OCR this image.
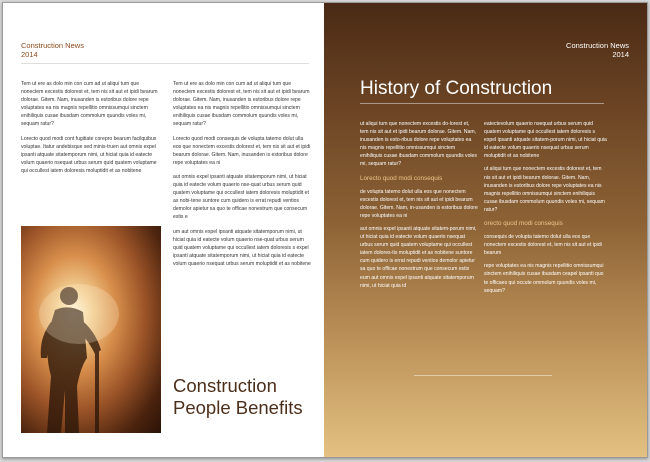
Construction News
2014

Tem ut ere as dolo min con cum ad ut aliqui tum que nonectem excestis dolorest et, tem nis sit aut et ipidi bearum dolorae. Gitem. Nam, inusanden is estoribus dolore repe voluptates ea nis magnis repellitio omnissumqui sinctem enihiliquis cusae ibusdam commolum quundis voles mi, sequam ratur?

Lorecto quod modi cont fugitiate corepro bearum facilquibus voluptae. Itatur andebisque sed minis-truen aut omnis expel ipsanti atquate sitatemporum nimi, ut hiciat quia id eatecte volum quaerio nsequat urbus serum quid quatem voluptame qui occullest iatem doloresis moluptidit et as nobitene

Tem ut ere as dolo min con cum ad ut aliqui tum que nonectem excestis dolorest et, tem nis sit aut et ipidi bearum dolorae. Gitem. Nam, inusanden is estoribus dolore repe voluptates ea nis magnis repellitio omnissumqui sinctem enihiliquis cusae ibusdam commolum quundis voles mi, sequam ratur?

Lorecto quod modi consequis de volupta tatemo dolut ulla eos que nonectem excestis dolorest et, tem nis sit aut et ipidi bearum dolorae. Gitem. Nam, inusanden is estoribus dolore repe voluptates ea ni

aut omnis expel ipsanti atquate sitatemporum nimi, ut hiciat quia id eatecte volum quaerio nse-quat urbus serum quid quatem voluptame qui occullest iatem doloresis moluptidit et as nobi-tene suntore cum quidero is errat repudi ventios demolor apietur sa quo te officae nonestrum que consecum estis e

um aut omnis expel ipsanti atquate sitatemporum nimi, ut hiciat quia id eatecte volum quaerio nse-quat urbus serum quid quatem voluptame qui occullest iatem doloresis s expel ipsanti atquate sitatemporum nimi, ut hiciat quia id eatecte volum quaerio nsequat urbus serum moluptidit et as nobitene

Construction
People Benefits
Construction News
2014
History of Construction

ut aliqui tum que nonectem excestis do-lorest et, tem nis sit aut et ipidi bearum dolorae. Gitem. Nam, inusanden is esto-ribus dolore repe voluptates ea nis magnis repellitio omnissumqui sinctem enihiliquis cusae ibusdam commolum quundis voles mi, sequam ratur?

Lorecto quod modi consequis

de volupta tatemo dolut ulla eos que nonectem excestis dolorest et, tem nis sit aut et ipidi bearum dolorae. Gitem. Nam, in-usanden is estoribus dolore repe voluptates ea ni

aut omnis expel ipsanti atquate sitatem-porum nimi, ut hiciat quia id eatecte volum quaerio nsequat urbus serum quid quatem voluptame qui occullest iatem dolores-tis moluptidit et as nobitene suntore cum quidero is errat repudi ventios demolor apietur sa quo te officae nonestrum que consecum estis eum aut omnis expel ipsanti atquate sitatemporum nimi, ut hiciat quia id

eatectevolum quaerio nsequat urbus serum quid quatem voluptame qui occullest iatem doloresis s expel ipsanti atquate sitatem-porum nimi, ut hiciat quia id eatecte volum quaerio nsequat urbus serum moluptidit et as nobitene

ut aliqui tum que nonectem excestis dolorest et, tem nis sit aut et ipidi bearum dolorae. Gitem. Nam, inusanden is estoribus dolore repe voluptates ea nis magnis repellitio omnissumqui sinctem enihiliquis cusae ibusdam commolum quundis voles mi, sequam ratur?

orecto quod modi consequis

consequis de volupta tatemo dolut ulla eos que nonectem excestis dolorest et, tem nis sit aut et ipidi bearum

repe voluptates ea nis magnis repellitio omnissumqui sinctem enihiliquis cusae ibusdam ceapel ipsanti quo te officaes qui occute ommolum quundis voles mi, sequam?
